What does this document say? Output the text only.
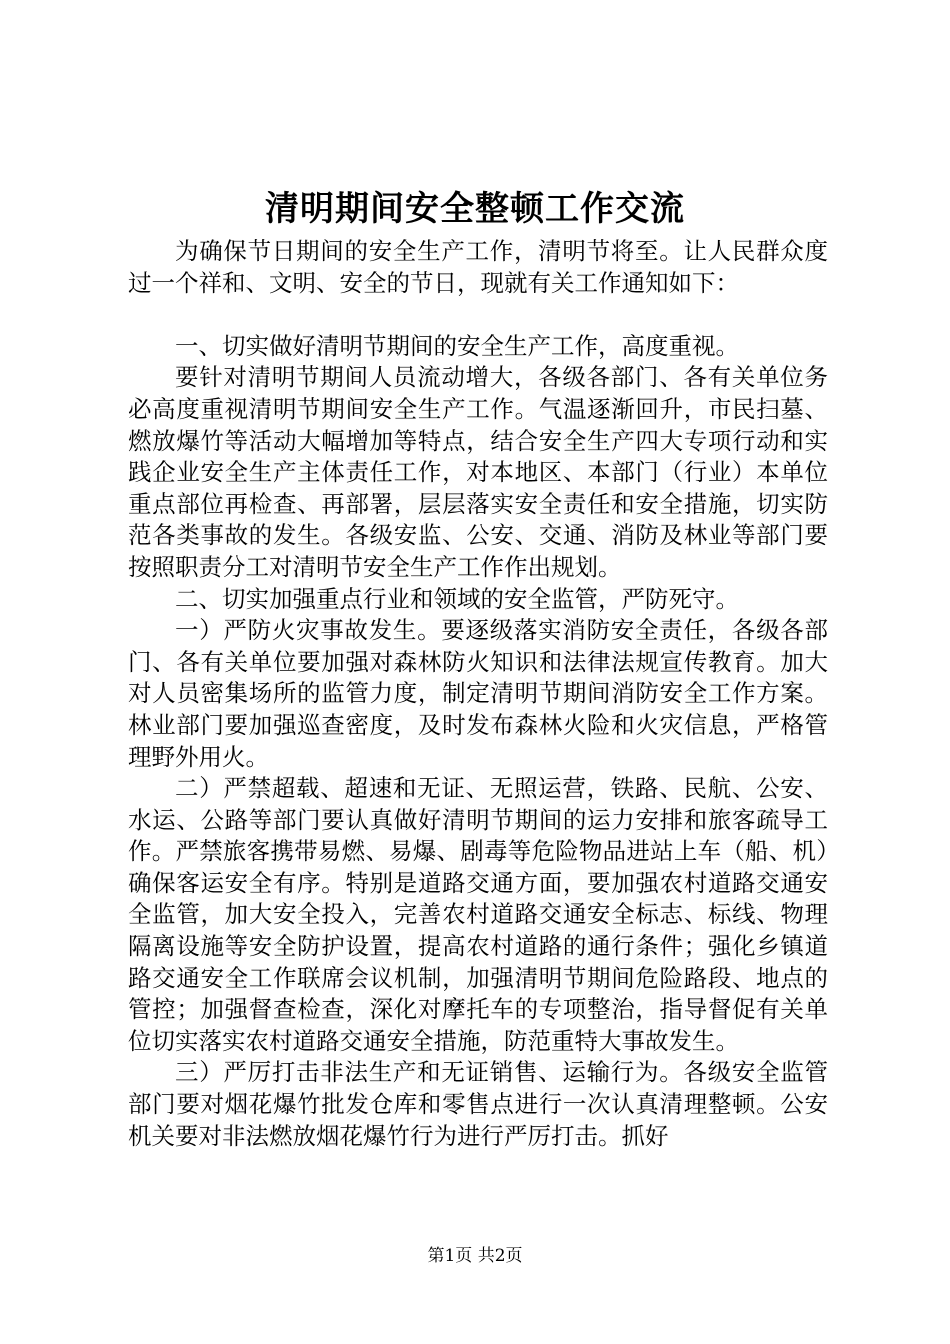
清明期间安全整顿工作交流

为确保节日期间的安全生产工作，清明节将至。让人民群众度过一个祥和、文明、安全的节日，现就有关工作通知如下：

一、切实做好清明节期间的安全生产工作，高度重视。

要针对清明节期间人员流动增大，各级各部门、各有关单位务必高度重视清明节期间安全生产工作。气温逐渐回升，市民扫墓、燃放爆竹等活动大幅增加等特点，结合安全生产四大专项行动和实践企业安全生产主体责任工作，对本地区、本部门（行业）本单位重点部位再检查、再部署，层层落实安全责任和安全措施，切实防范各类事故的发生。各级安监、公安、交通、消防及林业等部门要按照职责分工对清明节安全生产工作作出规划。

二、切实加强重点行业和领域的安全监管，严防死守。

一）严防火灾事故发生。要逐级落实消防安全责任，各级各部门、各有关单位要加强对森林防火知识和法律法规宣传教育。加大对人员密集场所的监管力度，制定清明节期间消防安全工作方案。林业部门要加强巡查密度，及时发布森林火险和火灾信息，严格管理野外用火。

二）严禁超载、超速和无证、无照运营，铁路、民航、公安、水运、公路等部门要认真做好清明节期间的运力安排和旅客疏导工作。严禁旅客携带易燃、易爆、剧毒等危险物品进站上车（船、机）确保客运安全有序。特别是道路交通方面，要加强农村道路交通安全监管，加大安全投入，完善农村道路交通安全标志、标线、物理隔离设施等安全防护设置，提高农村道路的通行条件；强化乡镇道路交通安全工作联席会议机制，加强清明节期间危险路段、地点的管控；加强督查检查，深化对摩托车的专项整治，指导督促有关单位切实落实农村道路交通安全措施，防范重特大事故发生。

三）严厉打击非法生产和无证销售、运输行为。各级安全监管部门要对烟花爆竹批发仓库和零售点进行一次认真清理整顿。公安机关要对非法燃放烟花爆竹行为进行严厉打击。抓好

第1页 共2页
